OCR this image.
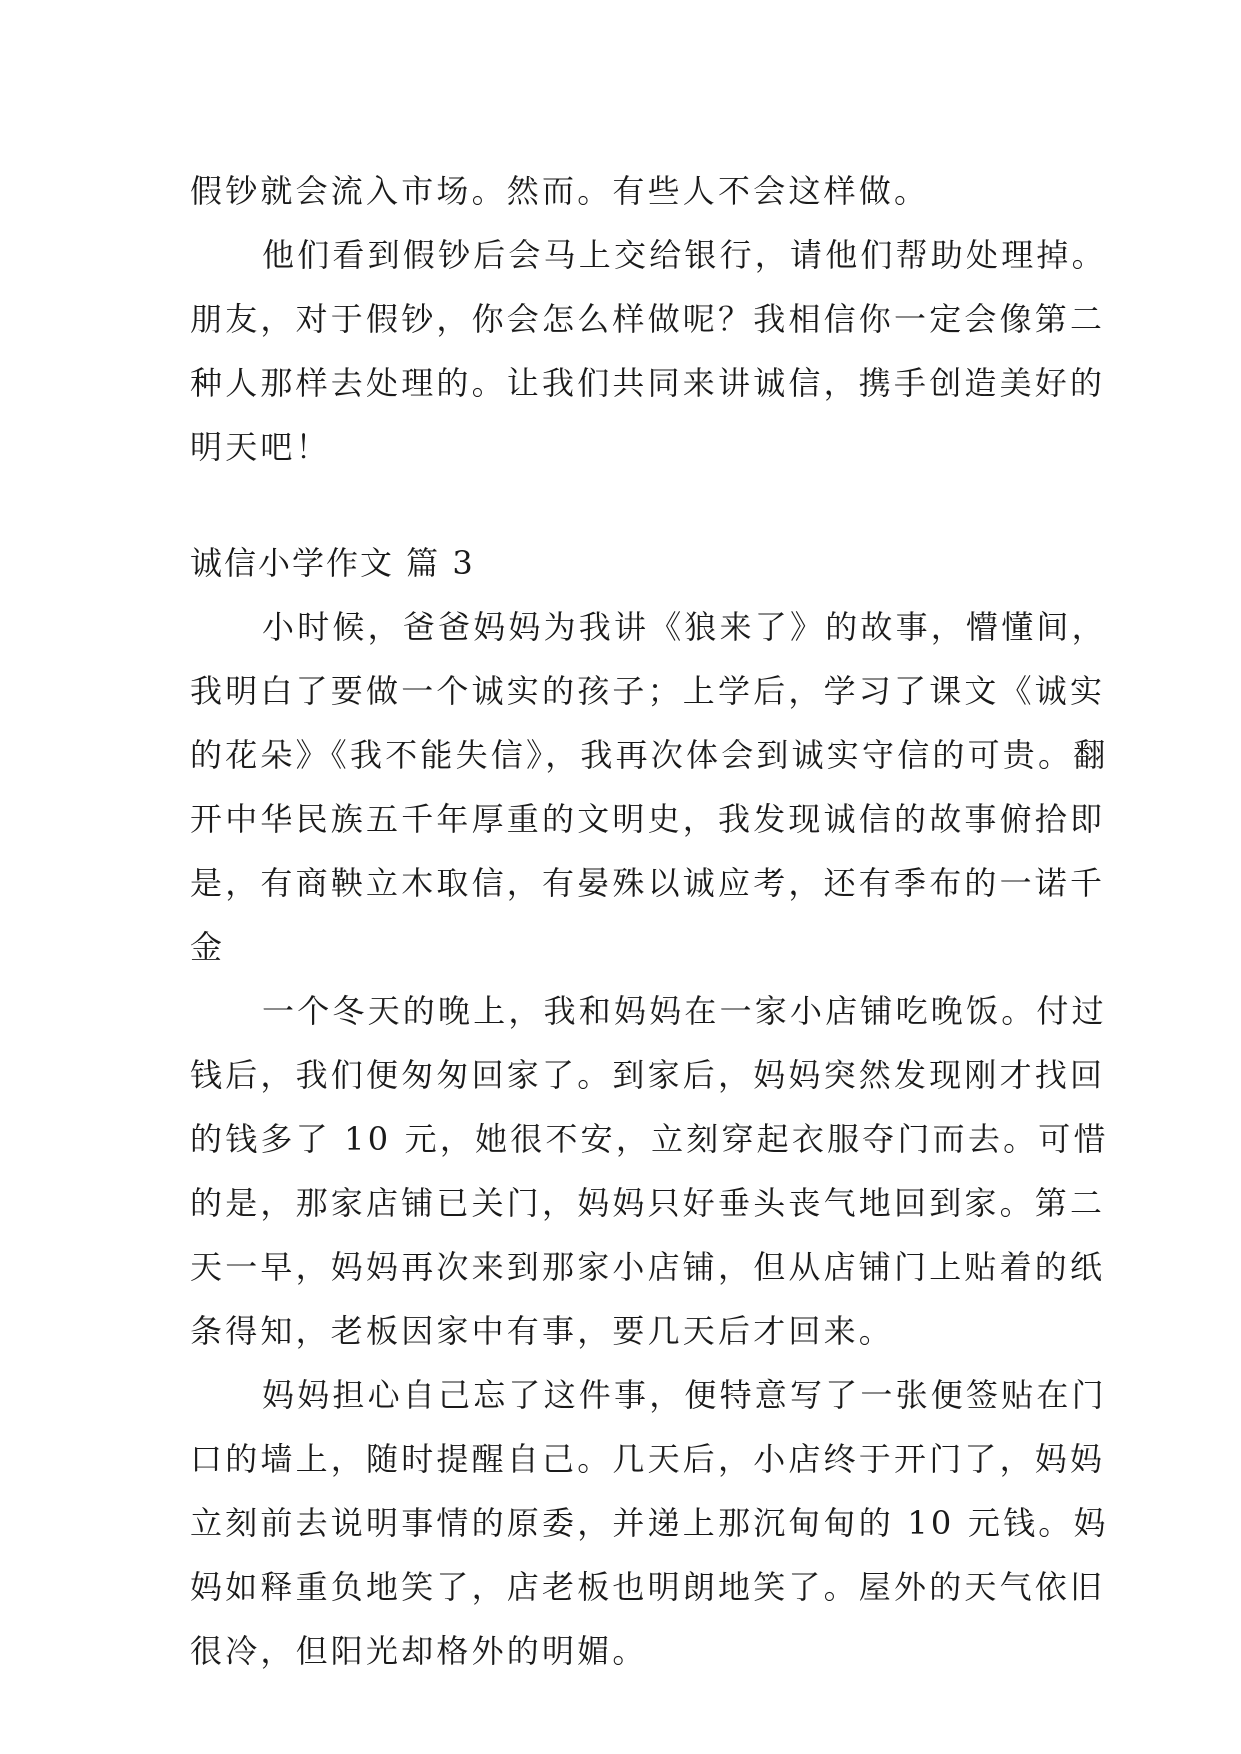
假钞就会流入市场。然而。有些人不会这样做。
他们看到假钞后会马上交给银行，请他们帮助处理掉。
朋友，对于假钞，你会怎么样做呢？我相信你一定会像第二
种人那样去处理的。让我们共同来讲诚信，携手创造美好的
明天吧！
诚信小学作文 篇 3
小时候，爸爸妈妈为我讲《狼来了》的故事，懵懂间，
我明白了要做一个诚实的孩子；上学后，学习了课文《诚实
的花朵》《我不能失信》，我再次体会到诚实守信的可贵。翻
开中华民族五千年厚重的文明史，我发现诚信的故事俯拾即
是，有商鞅立木取信，有晏殊以诚应考，还有季布的一诺千
金
一个冬天的晚上，我和妈妈在一家小店铺吃晚饭。付过
钱后，我们便匆匆回家了。到家后，妈妈突然发现刚才找回
的钱多了 10 元，她很不安，立刻穿起衣服夺门而去。可惜
的是，那家店铺已关门，妈妈只好垂头丧气地回到家。第二
天一早，妈妈再次来到那家小店铺，但从店铺门上贴着的纸
条得知，老板因家中有事，要几天后才回来。
妈妈担心自己忘了这件事，便特意写了一张便签贴在门
口的墙上，随时提醒自己。几天后，小店终于开门了，妈妈
立刻前去说明事情的原委，并递上那沉甸甸的 10 元钱。妈
妈如释重负地笑了，店老板也明朗地笑了。屋外的天气依旧
很冷，但阳光却格外的明媚。
